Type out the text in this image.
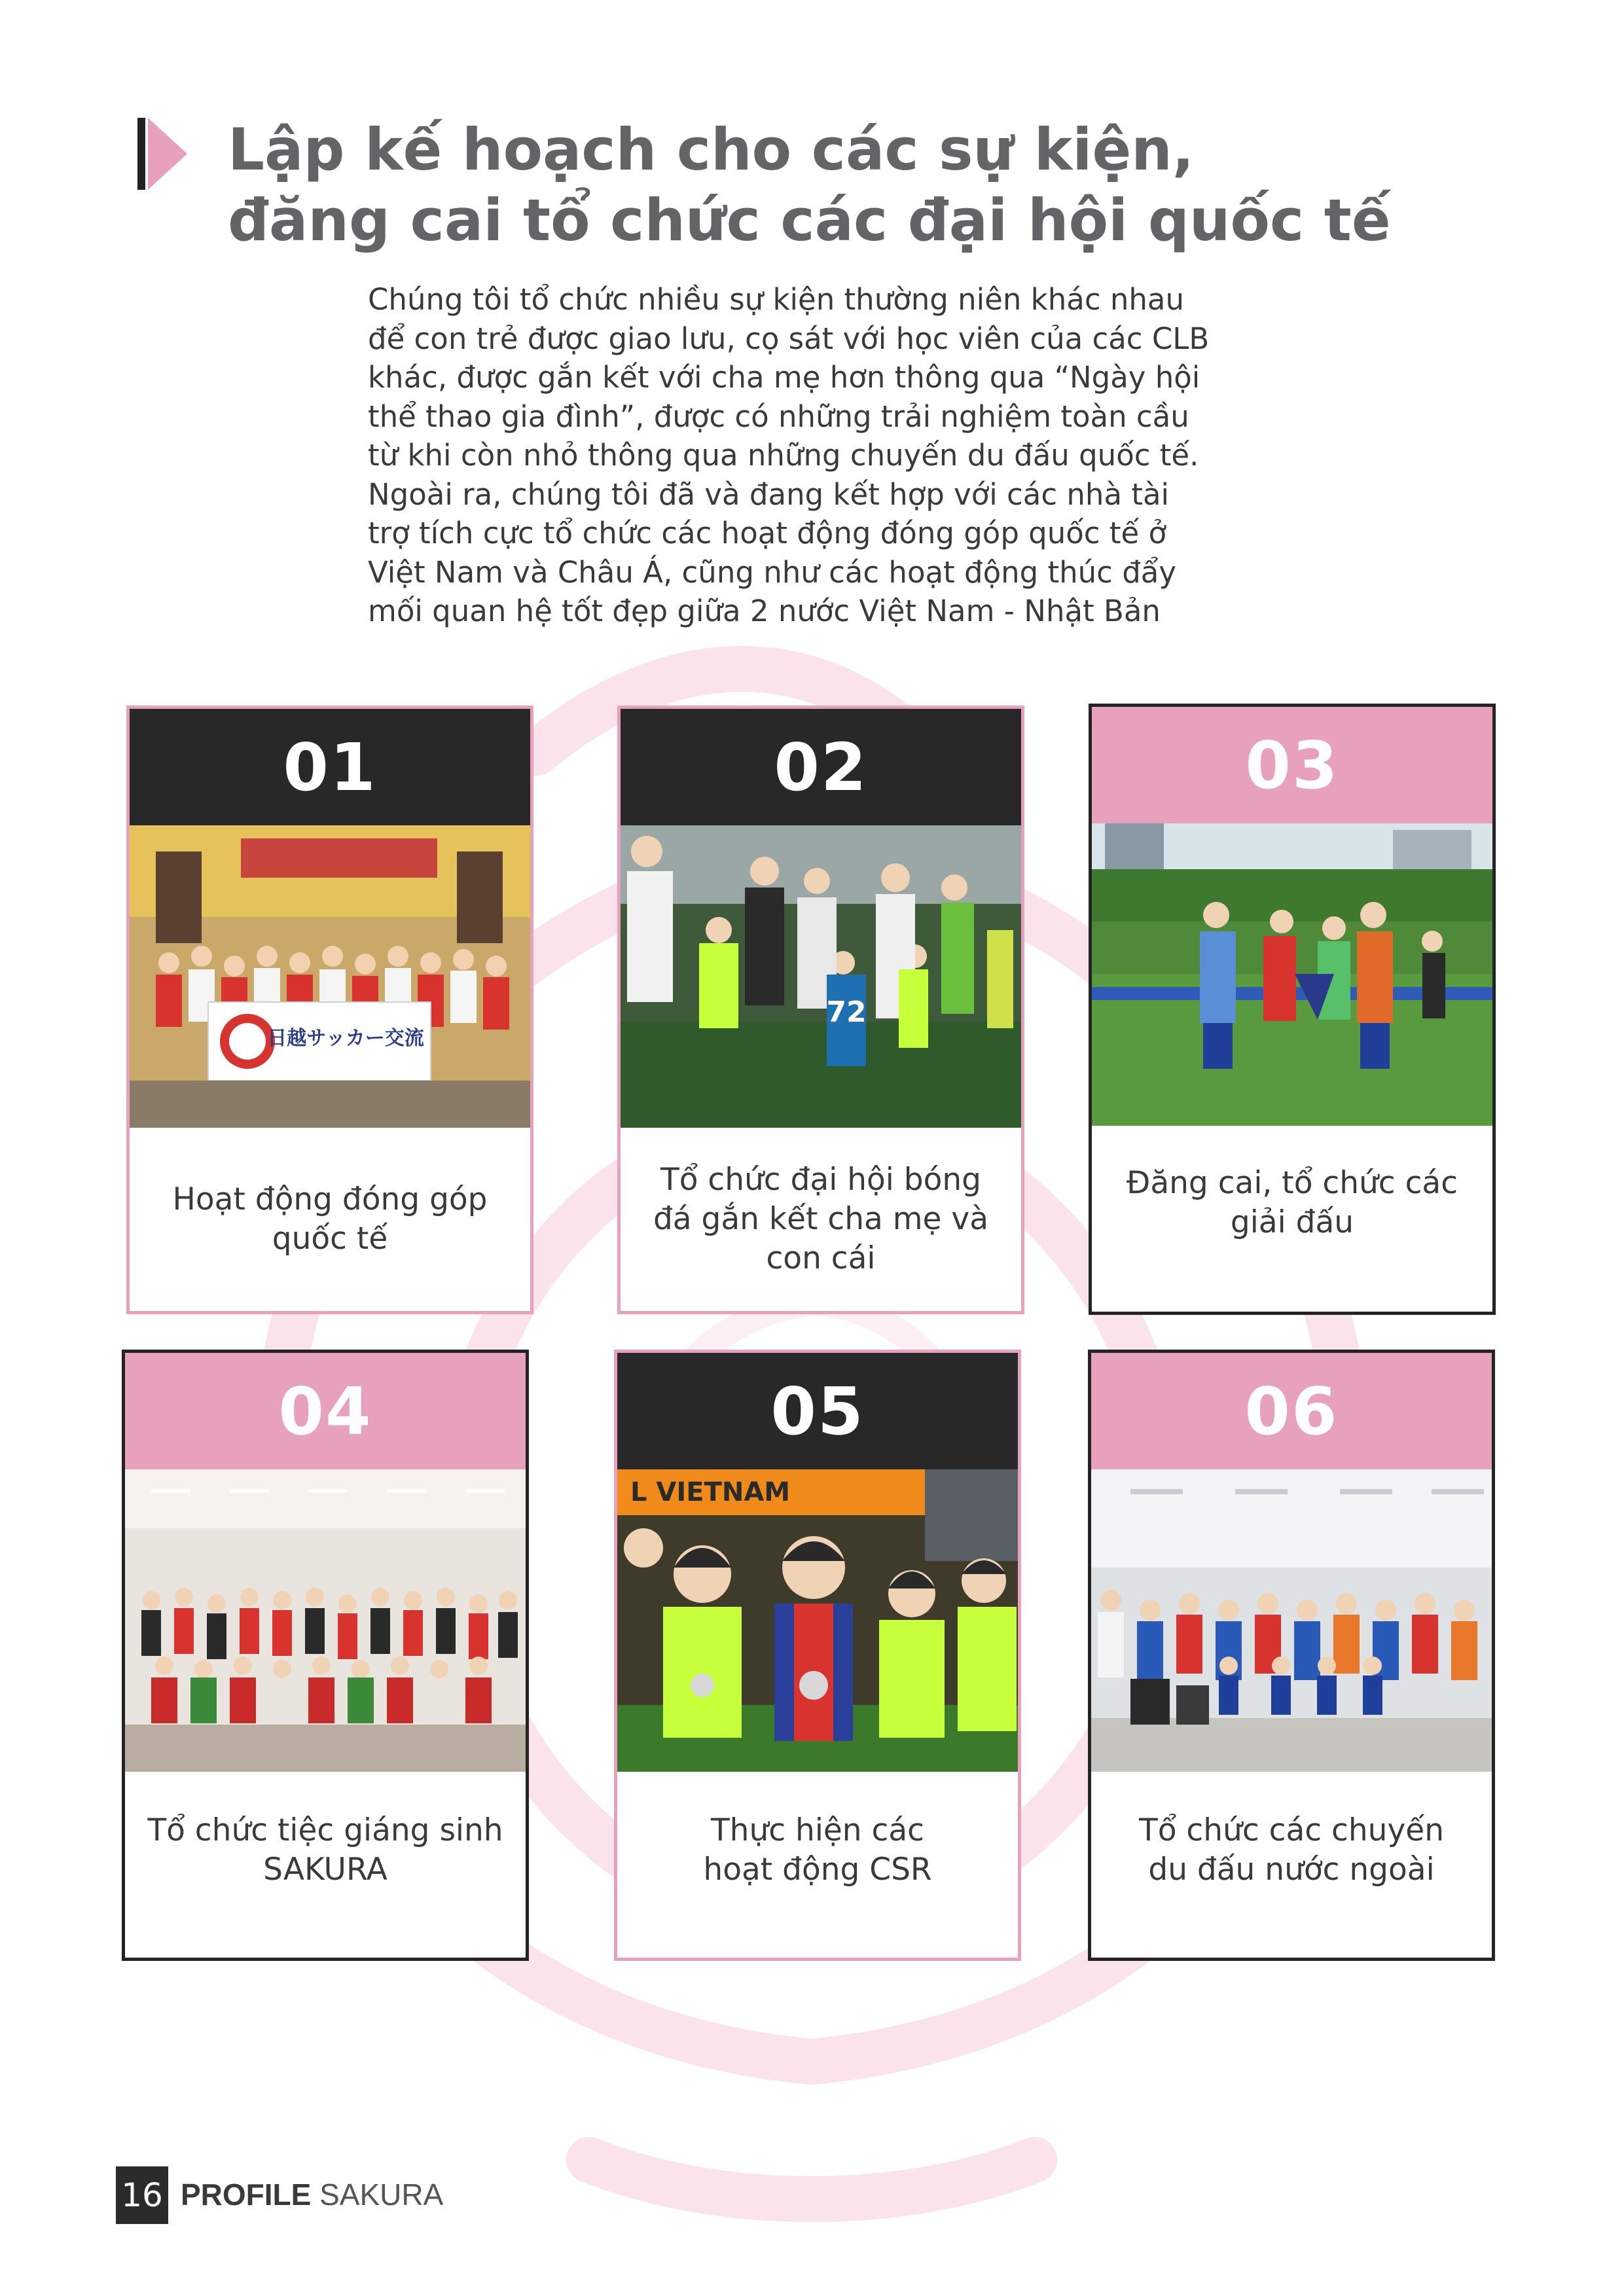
Lập kế hoạch cho các sự kiện,
đăng cai tổ chức các đại hội quốc tế

Chúng tôi tổ chức nhiều sự kiện thường niên khác nhau
để con trẻ được giao lưu, cọ sát với học viên của các CLB
khác, được gắn kết với cha mẹ hơn thông qua “Ngày hội
thể thao gia đình”, được có những trải nghiệm toàn cầu
từ khi còn nhỏ thông qua những chuyến du đấu quốc tế.
Ngoài ra, chúng tôi đã và đang kết hợp với các nhà tài
trợ tích cực tổ chức các hoạt động đóng góp quốc tế ở
Việt Nam và Châu Á, cũng như các hoạt động thúc đẩy
mối quan hệ tốt đẹp giữa 2 nước Việt Nam - Nhật Bản

01
日越サッカー交流
Hoạt động đóng góp
quốc tế
02
72
Tổ chức đại hội bóng
đá gắn kết cha mẹ và
con cái
03
Đăng cai, tổ chức các
giải đấu
04
Tổ chức tiệc giáng sinh
SAKURA
05
L VIETNAM
Thực hiện các
hoạt động CSR
06
Tổ chức các chuyến
du đấu nước ngoài
16 PROFILE SAKURA
